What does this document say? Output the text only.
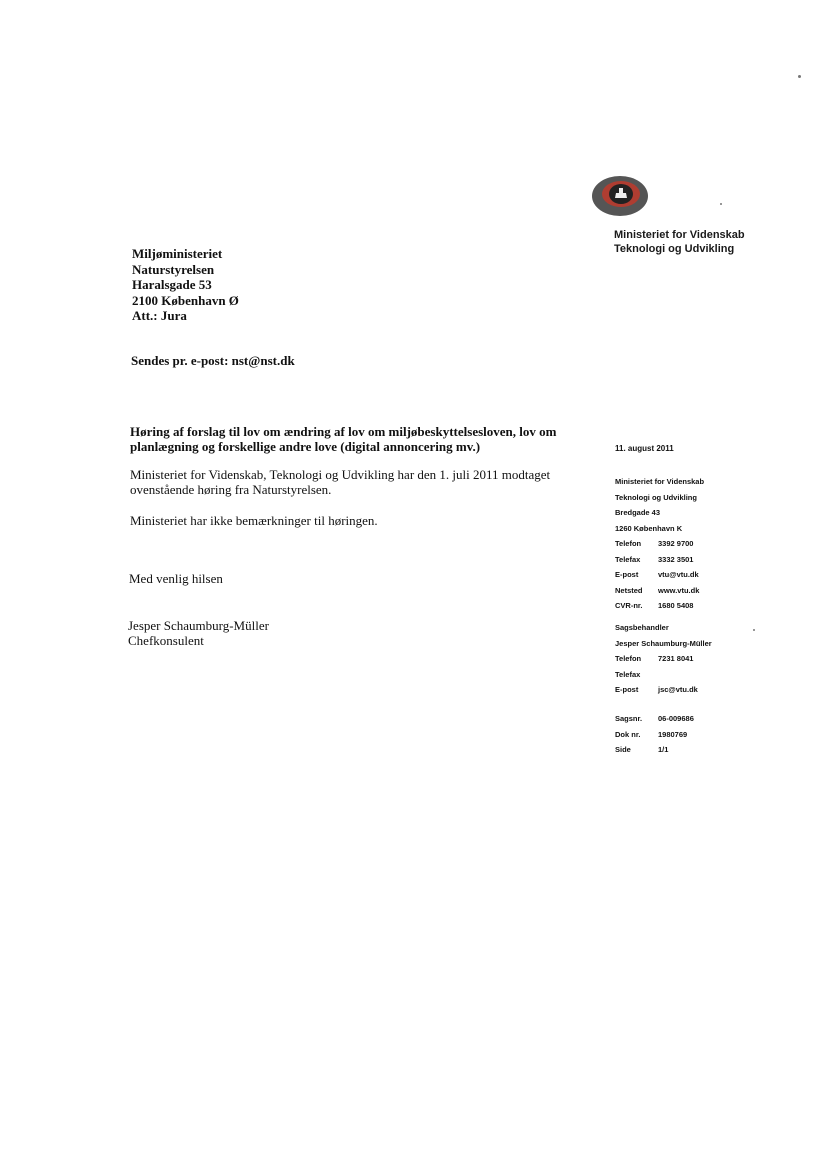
Ministeriet for Videnskab
Teknologi og Udvikling
Miljøministeriet
Naturstyrelsen
Haralsgade 53
2100 København Ø
Att.: Jura
Sendes pr. e-post: nst@nst.dk
Høring af forslag til lov om ændring af lov om miljøbeskyttelsesloven, lov om planlægning og forskellige andre love (digital annoncering mv.)
Ministeriet for Videnskab, Teknologi og Udvikling har den 1. juli 2011 modtaget ovenstående høring fra Naturstyrelsen.
Ministeriet har ikke bemærkninger til høringen.
Med venlig hilsen
Jesper Schaumburg-Müller
Chefkonsulent
11. august 2011
Ministeriet for Videnskab
Teknologi og Udvikling
Bredgade 43
1260 København K
Telefon	3392 9700
Telefax	3332 3501
E-post	vtu@vtu.dk
Netsted	www.vtu.dk
CVR-nr.	1680 5408
Sagsbehandler
Jesper Schaumburg-Müller
Telefon	7231 8041
Telefax
E-post	jsc@vtu.dk
Sagsnr.	06-009686
Dok nr.	1980769
Side	1/1
